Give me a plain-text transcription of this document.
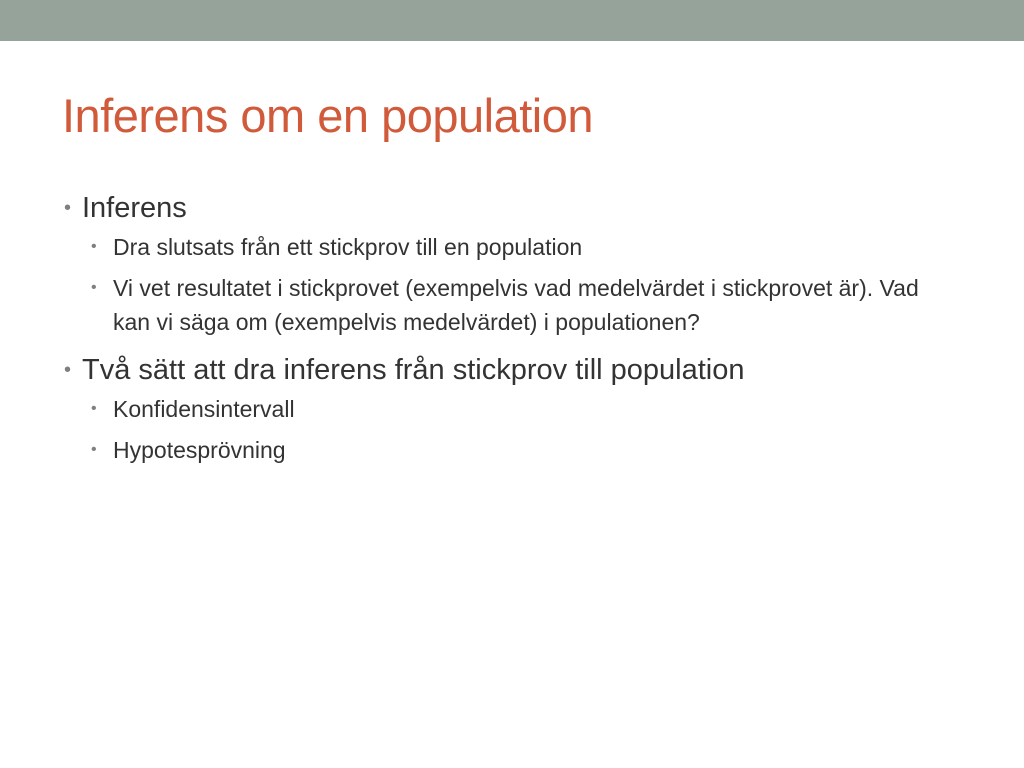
Inferens om en population

• Inferens

• Dra slutsats från ett stickprov till en population

• Vi vet resultatet i stickprovet (exempelvis vad medelvärdet i stickprovet är). Vad kan vi säga om (exempelvis medelvärdet) i populationen?

• Två sätt att dra inferens från stickprov till population

• Konfidensintervall

• Hypotesprövning
